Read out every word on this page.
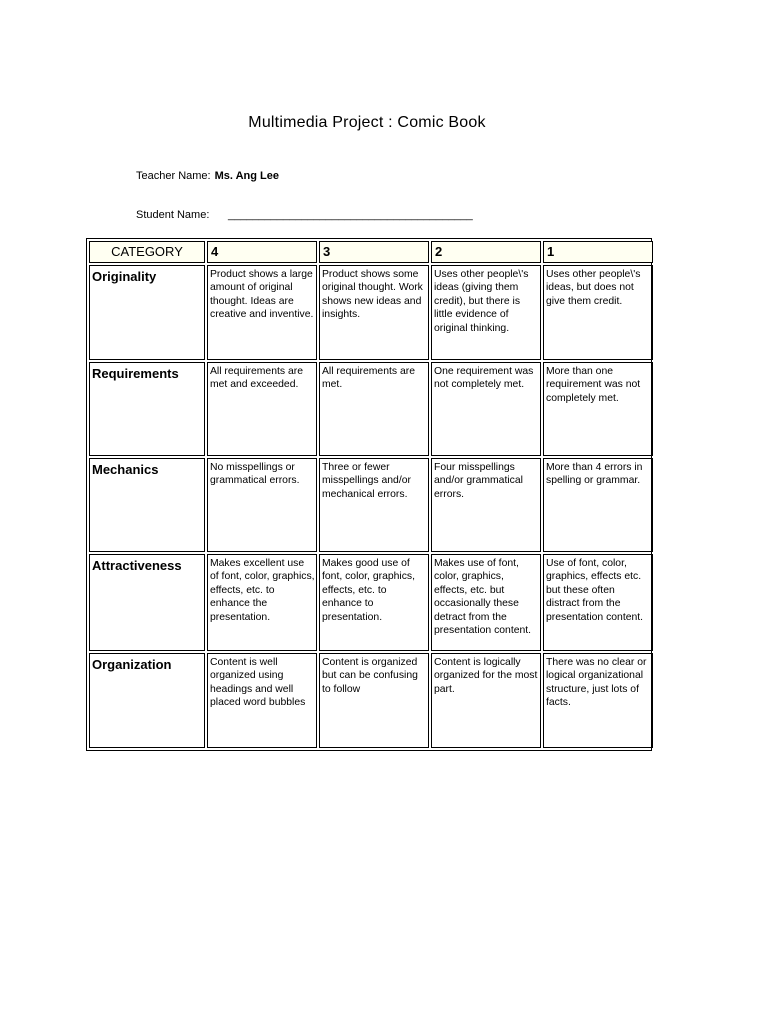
Multimedia Project : Comic Book
Teacher Name: Ms. Ang Lee
Student Name: ________________________________________
CATEGORY	4	3	2	1
Originality	Product shows a large amount of original thought. Ideas are creative and inventive.	Product shows some original thought. Work shows new ideas and insights.	Uses other people\'s ideas (giving them credit), but there is little evidence of original thinking.	Uses other people\'s ideas, but does not give them credit.
Requirements	All requirements are met and exceeded.	All requirements are met.	One requirement was not completely met.	More than one requirement was not completely met.
Mechanics	No misspellings or grammatical errors.	Three or fewer misspellings and/or mechanical errors.	Four misspellings and/or grammatical errors.	More than 4 errors in spelling or grammar.
Attractiveness	Makes excellent use of font, color, graphics, effects, etc. to enhance the presentation.	Makes good use of font, color, graphics, effects, etc. to enhance to presentation.	Makes use of font, color, graphics, effects, etc. but occasionally these detract from the presentation content.	Use of font, color, graphics, effects etc. but these often distract from the presentation content.
Organization	Content is well organized using headings and well placed word bubbles	Content is organized but can be confusing to follow	Content is logically organized for the most part.	There was no clear or logical organizational structure, just lots of facts.
